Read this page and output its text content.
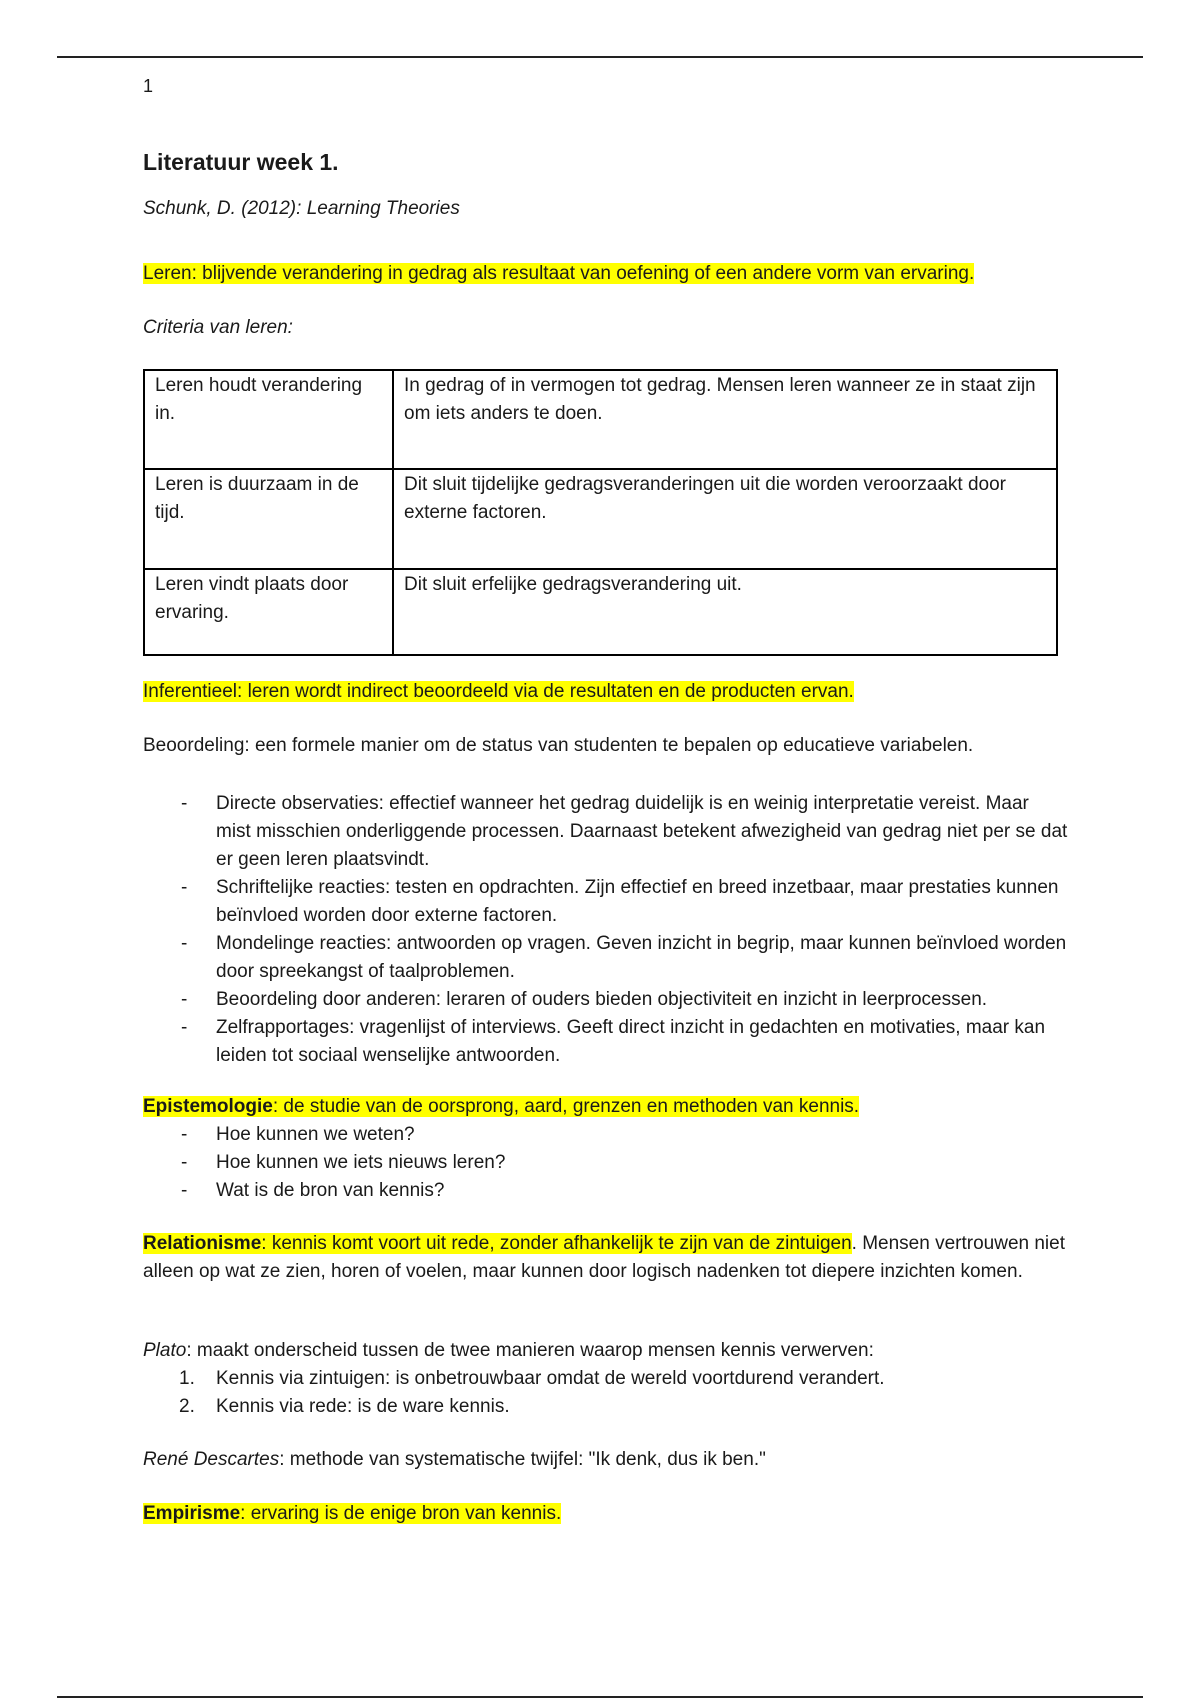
1
Literatuur week 1.
Schunk, D. (2012): Learning Theories
Leren: blijvende verandering in gedrag als resultaat van oefening of een andere vorm van ervaring.
Criteria van leren:
Leren houdt verandering in.	In gedrag of in vermogen tot gedrag. Mensen leren wanneer ze in staat zijn om iets anders te doen.
Leren is duurzaam in de tijd.	Dit sluit tijdelijke gedragsveranderingen uit die worden veroorzaakt door externe factoren.
Leren vindt plaats door ervaring.	Dit sluit erfelijke gedragsverandering uit.
Inferentieel: leren wordt indirect beoordeeld via de resultaten en de producten ervan.
Beoordeling: een formele manier om de status van studenten te bepalen op educatieve variabelen.
- Directe observaties: effectief wanneer het gedrag duidelijk is en weinig interpretatie vereist. Maar mist misschien onderliggende processen. Daarnaast betekent afwezigheid van gedrag niet per se dat er geen leren plaatsvindt.
- Schriftelijke reacties: testen en opdrachten. Zijn effectief en breed inzetbaar, maar prestaties kunnen beïnvloed worden door externe factoren.
- Mondelinge reacties: antwoorden op vragen. Geven inzicht in begrip, maar kunnen beïnvloed worden door spreekangst of taalproblemen.
- Beoordeling door anderen: leraren of ouders bieden objectiviteit en inzicht in leerprocessen.
- Zelfrapportages: vragenlijst of interviews. Geeft direct inzicht in gedachten en motivaties, maar kan leiden tot sociaal wenselijke antwoorden.
Epistemologie: de studie van de oorsprong, aard, grenzen en methoden van kennis.
- Hoe kunnen we weten?
- Hoe kunnen we iets nieuws leren?
- Wat is de bron van kennis?
Relationisme: kennis komt voort uit rede, zonder afhankelijk te zijn van de zintuigen. Mensen vertrouwen niet alleen op wat ze zien, horen of voelen, maar kunnen door logisch nadenken tot diepere inzichten komen.
Plato: maakt onderscheid tussen de twee manieren waarop mensen kennis verwerven:
1. Kennis via zintuigen: is onbetrouwbaar omdat de wereld voortdurend verandert.
2. Kennis via rede: is de ware kennis.
René Descartes: methode van systematische twijfel: "Ik denk, dus ik ben."
Empirisme: ervaring is de enige bron van kennis.
